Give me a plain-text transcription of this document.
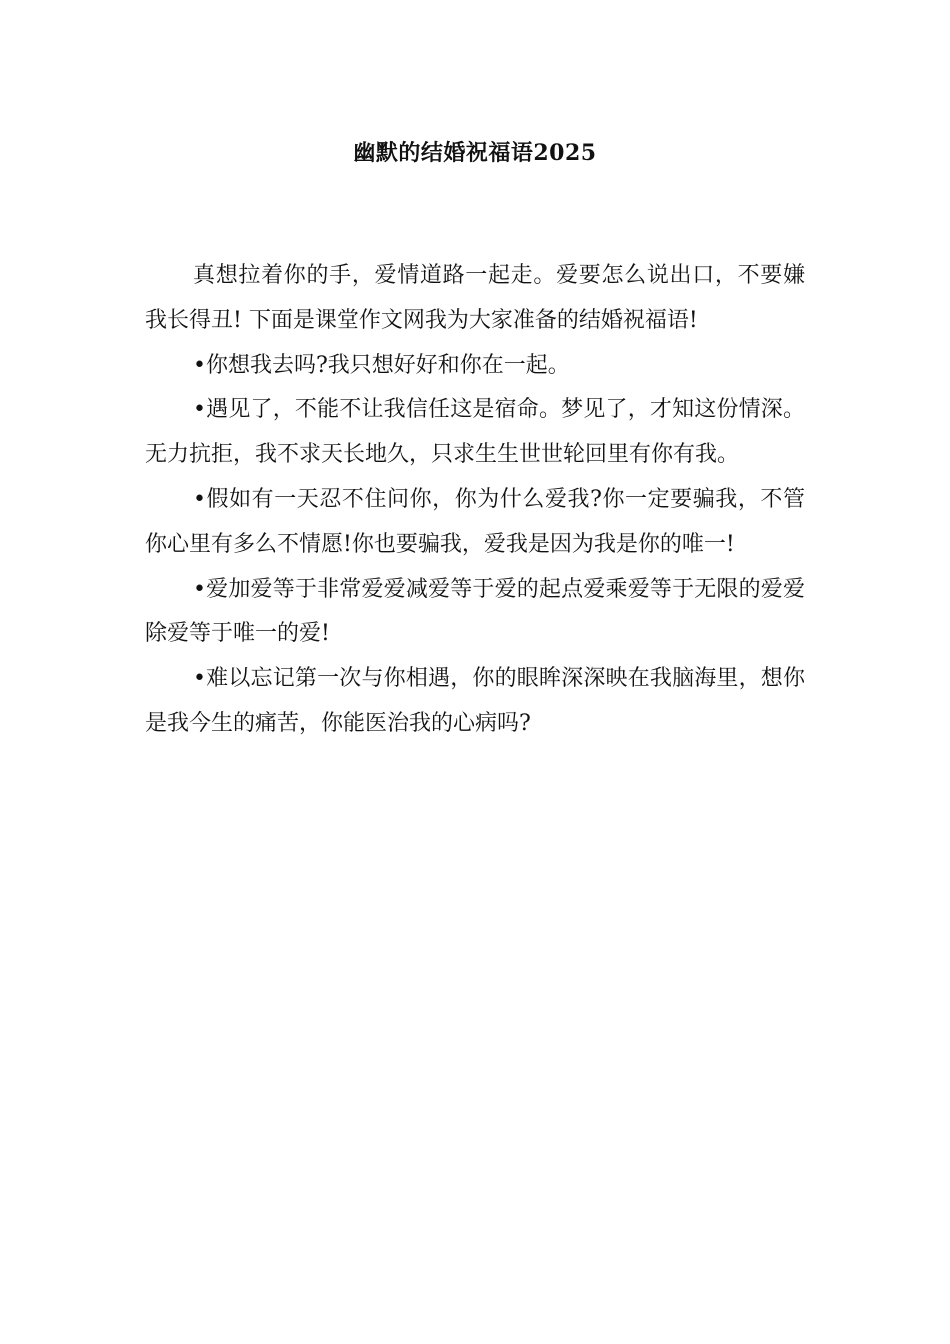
幽默的结婚祝福语2025

真想拉着你的手，爱情道路一起走。爱要怎么说出口，不要嫌我长得丑! 下面是课堂作文网我为大家准备的结婚祝福语!

•你想我去吗?我只想好好和你在一起。

•遇见了，不能不让我信任这是宿命。梦见了，才知这份情深。无力抗拒，我不求天长地久，只求生生世世轮回里有你有我。

•假如有一天忍不住问你，你为什么爱我?你一定要骗我，不管你心里有多么不情愿!你也要骗我，爱我是因为我是你的唯一!

•爱加爱等于非常爱爱减爱等于爱的起点爱乘爱等于无限的爱爱除爱等于唯一的爱!

•难以忘记第一次与你相遇，你的眼眸深深映在我脑海里，想你是我今生的痛苦，你能医治我的心病吗?
